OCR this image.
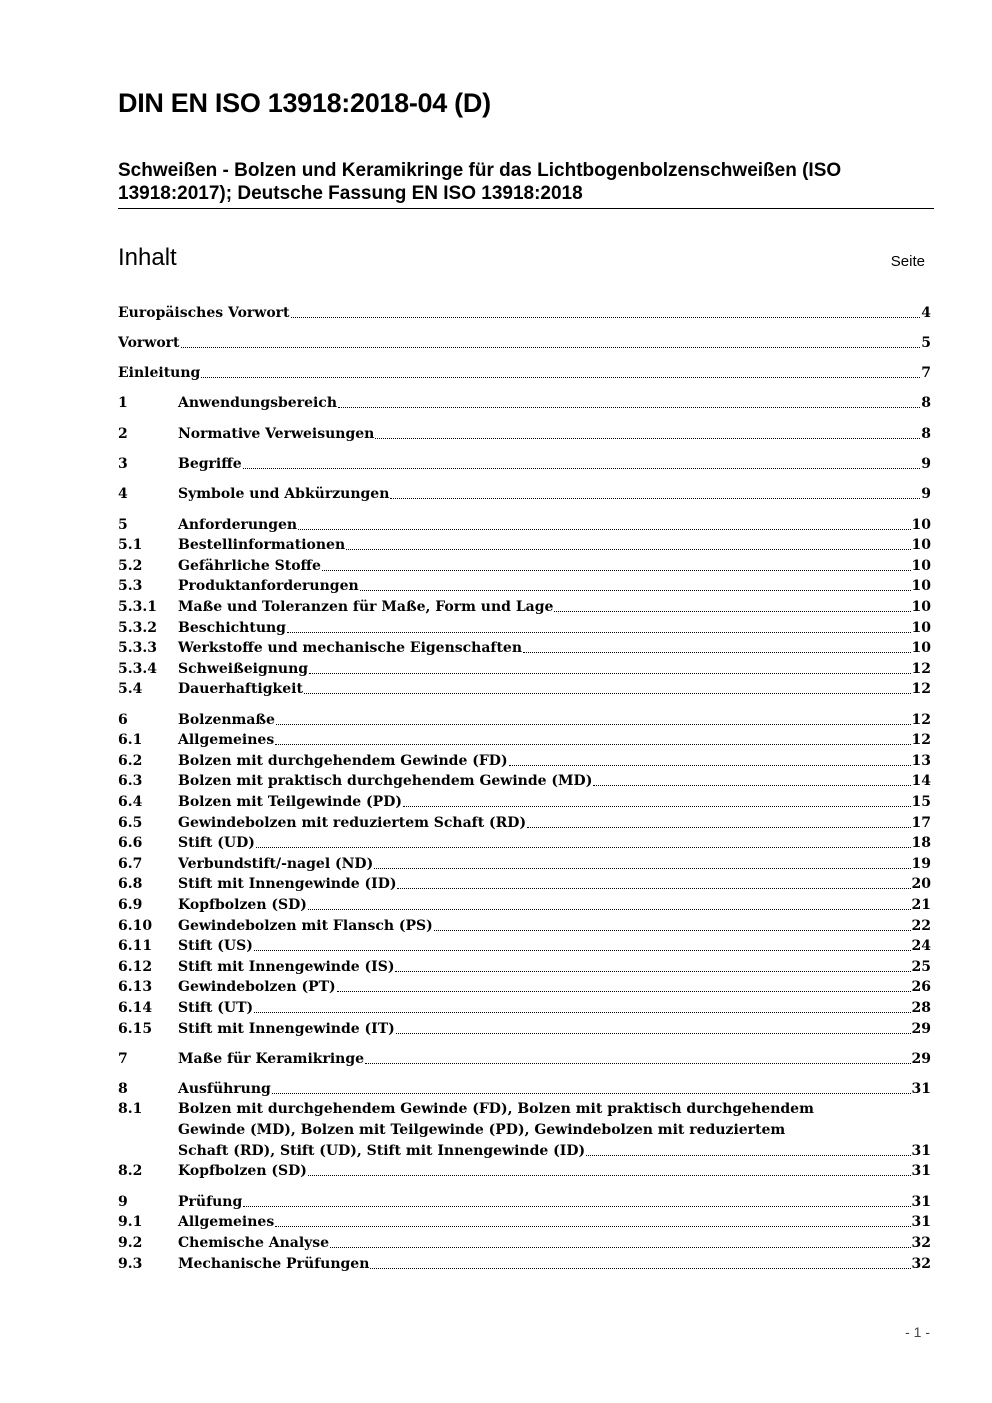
DIN EN ISO 13918:2018-04 (D)
Schweißen - Bolzen und Keramikringe für das Lichtbogenbolzenschweißen (ISO
13918:2017); Deutsche Fassung EN ISO 13918:2018
Inhalt	Seite
Europäisches Vorwort	4
Vorwort	5
Einleitung	7
1	Anwendungsbereich	8
2	Normative Verweisungen	8
3	Begriffe	9
4	Symbole und Abkürzungen	9
5	Anforderungen	10
5.1	Bestellinformationen	10
5.2	Gefährliche Stoffe	10
5.3	Produktanforderungen	10
5.3.1	Maße und Toleranzen für Maße, Form und Lage	10
5.3.2	Beschichtung	10
5.3.3	Werkstoffe und mechanische Eigenschaften	10
5.3.4	Schweißeignung	12
5.4	Dauerhaftigkeit	12
6	Bolzenmaße	12
6.1	Allgemeines	12
6.2	Bolzen mit durchgehendem Gewinde (FD)	13
6.3	Bolzen mit praktisch durchgehendem Gewinde (MD)	14
6.4	Bolzen mit Teilgewinde (PD)	15
6.5	Gewindebolzen mit reduziertem Schaft (RD)	17
6.6	Stift (UD)	18
6.7	Verbundstift/-nagel (ND)	19
6.8	Stift mit Innengewinde (ID)	20
6.9	Kopfbolzen (SD)	21
6.10	Gewindebolzen mit Flansch (PS)	22
6.11	Stift (US)	24
6.12	Stift mit Innengewinde (IS)	25
6.13	Gewindebolzen (PT)	26
6.14	Stift (UT)	28
6.15	Stift mit Innengewinde (IT)	29
7	Maße für Keramikringe	29
8	Ausführung	31
8.1	Bolzen mit durchgehendem Gewinde (FD), Bolzen mit praktisch durchgehendem
Gewinde (MD), Bolzen mit Teilgewinde (PD), Gewindebolzen mit reduziertem
Schaft (RD), Stift (UD), Stift mit Innengewinde (ID)	31
8.2	Kopfbolzen (SD)	31
9	Prüfung	31
9.1	Allgemeines	31
9.2	Chemische Analyse	32
9.3	Mechanische Prüfungen	32
- 1 -
